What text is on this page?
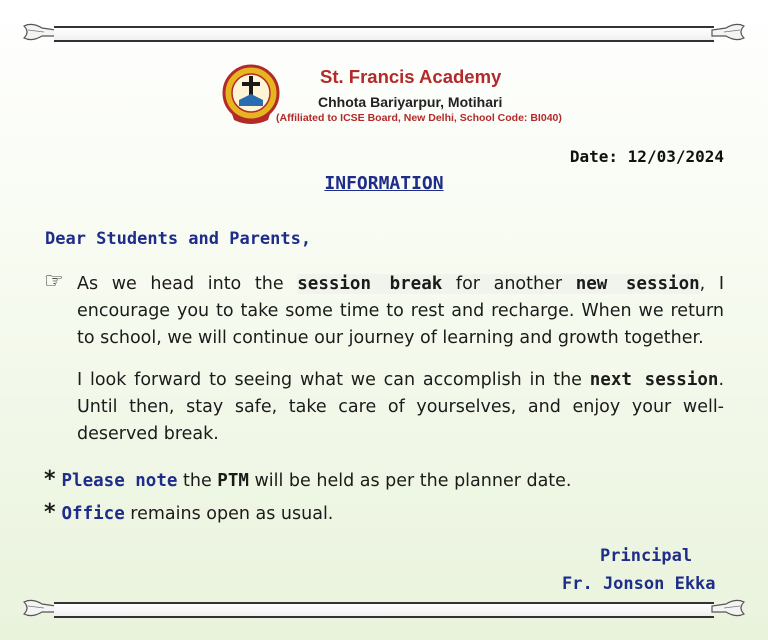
St. Francis Academy
Chhota Bariyarpur, Motihari
(Affiliated to ICSE Board, New Delhi, School Code: BI040)
Date: 12/03/2024
INFORMATION
Dear Students and Parents,
☞ As we head into the session break for another new session, I encourage you to take some time to rest and recharge. When we return to school, we will continue our journey of learning and growth together.
I look forward to seeing what we can accomplish in the next session. Until then, stay safe, take care of yourselves, and enjoy your well-deserved break.
* Please note the PTM will be held as per the planner date.
* Office remains open as usual.
Principal
Fr. Jonson Ekka
